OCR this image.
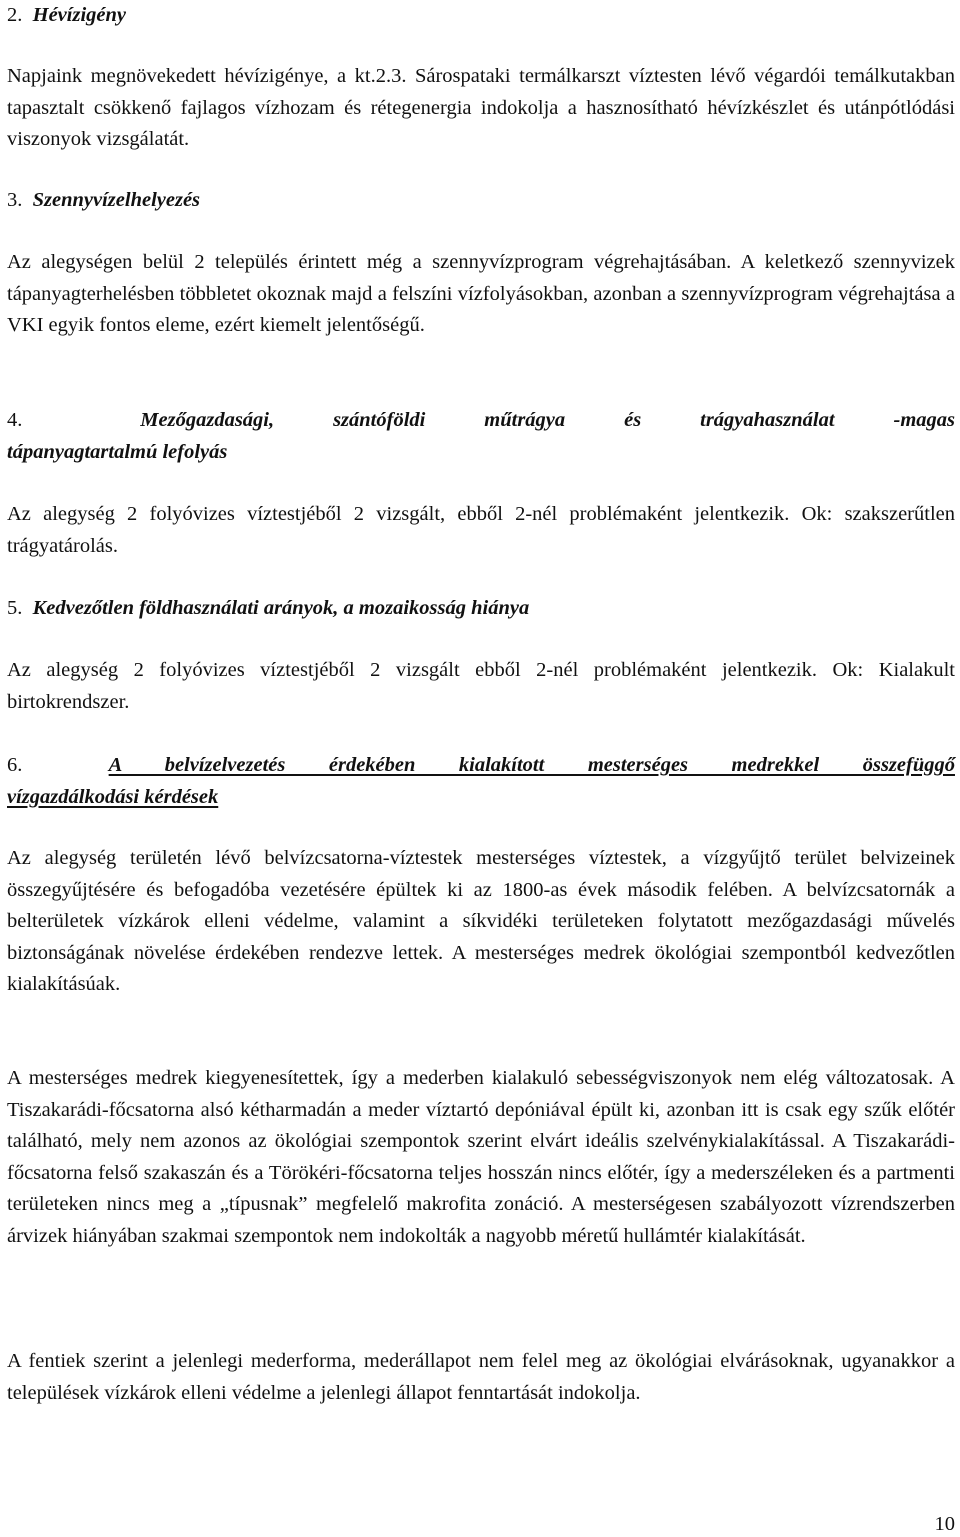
2. Hévízigény

Napjaink megnövekedett hévízigénye, a kt.2.3. Sárospataki termálkarszt víztesten lévő végardói temálkutakban tapasztalt csökkenő fajlagos vízhozam és rétegenergia indokolja a hasznosítható hévízkészlet és utánpótlódási viszonyok vizsgálatát.

3. Szennyvízelhelyezés

Az alegységen belül 2 település érintett még a szennyvízprogram végrehajtásában. A keletkező szennyvizek tápanyagterhelésben többletet okoznak majd a felszíni vízfolyásokban, azonban a szennyvízprogram végrehajtása a VKI egyik fontos eleme, ezért kiemelt jelentőségű.

4.	Mezőgazdasági, szántóföldi műtrágya és trágyahasználat -magas
tápanyagtartalmú lefolyás

Az alegység 2 folyóvizes víztestjéből 2 vizsgált, ebből 2-nél problémaként jelentkezik. Ok: szakszerűtlen trágyatárolás.

5. Kedvezőtlen földhasználati arányok, a mozaikosság hiánya

Az alegység 2 folyóvizes víztestjéből 2 vizsgált ebből 2-nél problémaként jelentkezik. Ok: Kialakult birtokrendszer.

6.	A belvízelvezetés érdekében kialakított mesterséges medrekkel összefüggő
vízgazdálkodási kérdések

Az alegység területén lévő belvízcsatorna-víztestek mesterséges víztestek, a vízgyűjtő terület belvizeinek összegyűjtésére és befogadóba vezetésére épültek ki az 1800-as évek második felében. A belvízcsatornák a belterületek vízkárok elleni védelme, valamint a síkvidéki területeken folytatott mezőgazdasági művelés biztonságának növelése érdekében rendezve lettek. A mesterséges medrek ökológiai szempontból kedvezőtlen kialakításúak.

A mesterséges medrek kiegyenesítettek, így a mederben kialakuló sebességviszonyok nem elég változatosak. A Tiszakarádi-főcsatorna alsó kétharmadán a meder víztartó depóniával épült ki, azonban itt is csak egy szűk előtér található, mely nem azonos az ökológiai szempontok szerint elvárt ideális szelvénykialakítással. A Tiszakarádi-főcsatorna felső szakaszán és a Törökéri-főcsatorna teljes hosszán nincs előtér, így a mederszéleken és a partmenti területeken nincs meg a „típusnak” megfelelő makrofita zonáció. A mesterségesen szabályozott vízrendszerben árvizek hiányában szakmai szempontok nem indokolták a nagyobb méretű hullámtér kialakítását.

A fentiek szerint a jelenlegi mederforma, mederállapot nem felel meg az ökológiai elvárásoknak, ugyanakkor a települések vízkárok elleni védelme a jelenlegi állapot fenntartását indokolja.

10
